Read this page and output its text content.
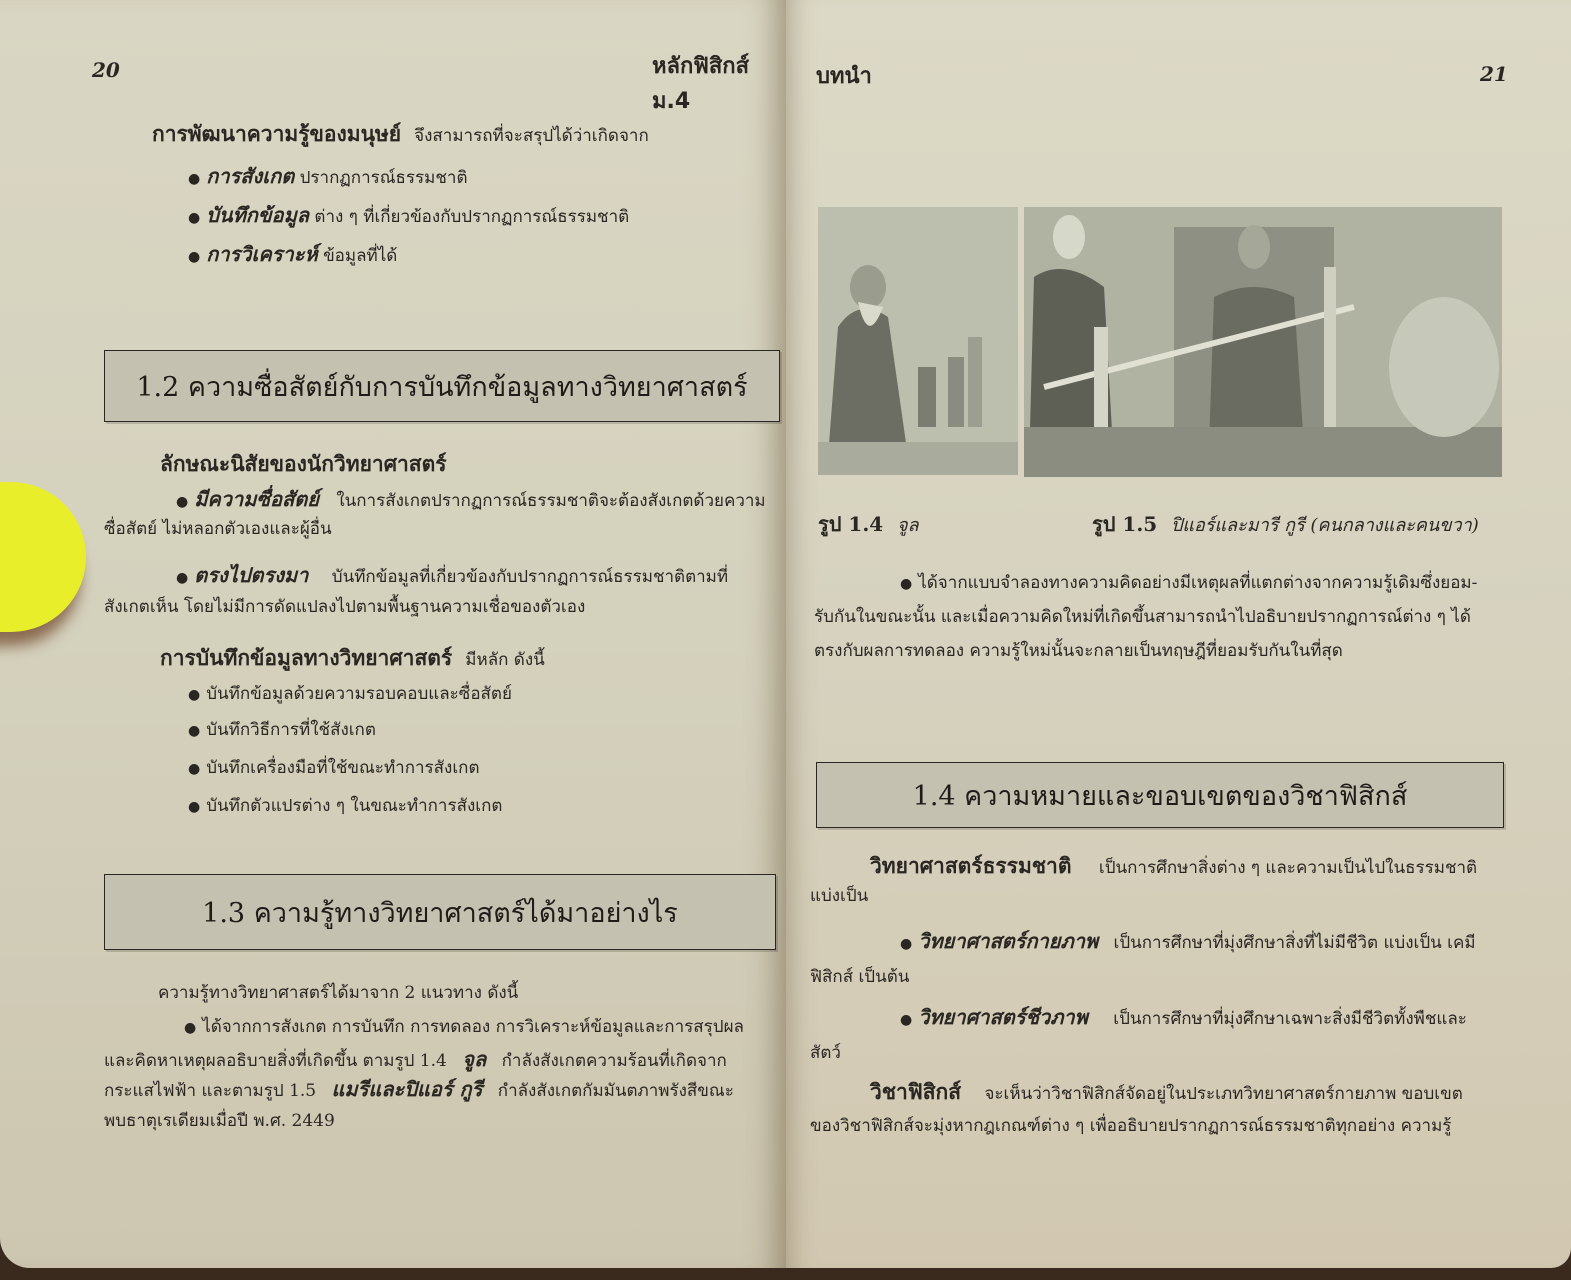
20	หลักฟิสิกส์ ม.4
การพัฒนาความรู้ของมนุษย์ จึงสามารถที่จะสรุปได้ว่าเกิดจาก
● การสังเกต ปรากฏการณ์ธรรมชาติ
● บันทึกข้อมูล ต่าง ๆ ที่เกี่ยวข้องกับปรากฏการณ์ธรรมชาติ
● การวิเคราะห์ ข้อมูลที่ได้
1.2 ความซื่อสัตย์กับการบันทึกข้อมูลทางวิทยาศาสตร์
ลักษณะนิสัยของนักวิทยาศาสตร์
● มีความซื่อสัตย์ ในการสังเกตปรากฏการณ์ธรรมชาติจะต้องสังเกตด้วยความ
ซื่อสัตย์ ไม่หลอกตัวเองและผู้อื่น
● ตรงไปตรงมา บันทึกข้อมูลที่เกี่ยวข้องกับปรากฏการณ์ธรรมชาติตามที่
สังเกตเห็น โดยไม่มีการดัดแปลงไปตามพื้นฐานความเชื่อของตัวเอง
การบันทึกข้อมูลทางวิทยาศาสตร์ มีหลัก ดังนี้
● บันทึกข้อมูลด้วยความรอบคอบและซื่อสัตย์
● บันทึกวิธีการที่ใช้สังเกต
● บันทึกเครื่องมือที่ใช้ขณะทำการสังเกต
● บันทึกตัวแปรต่าง ๆ ในขณะทำการสังเกต
1.3 ความรู้ทางวิทยาศาสตร์ได้มาอย่างไร
ความรู้ทางวิทยาศาสตร์ได้มาจาก 2 แนวทาง ดังนี้
● ได้จากการสังเกต การบันทึก การทดลอง การวิเคราะห์ข้อมูลและการสรุปผล
และคิดหาเหตุผลอธิบายสิ่งที่เกิดขึ้น ตามรูป 1.4 จูล กำลังสังเกตความร้อนที่เกิดจาก
กระแสไฟฟ้า และตามรูป 1.5 แมรีและปิแอร์ กูรี กำลังสังเกตกัมมันตภาพรังสีขณะ
พบธาตุเรเดียมเมื่อปี พ.ศ. 2449
บทนำ	21
รูป 1.4 จูล	รูป 1.5 ปิแอร์และมารี กูรี (คนกลางและคนขวา)
● ได้จากแบบจำลองทางความคิดอย่างมีเหตุผลที่แตกต่างจากความรู้เดิมซึ่งยอม-
รับกันในขณะนั้น และเมื่อความคิดใหม่ที่เกิดขึ้นสามารถนำไปอธิบายปรากฏการณ์ต่าง ๆ ได้
ตรงกับผลการทดลอง ความรู้ใหม่นั้นจะกลายเป็นทฤษฎีที่ยอมรับกันในที่สุด
1.4 ความหมายและขอบเขตของวิชาฟิสิกส์
วิทยาศาสตร์ธรรมชาติ เป็นการศึกษาสิ่งต่าง ๆ และความเป็นไปในธรรมชาติ
แบ่งเป็น
● วิทยาศาสตร์กายภาพ เป็นการศึกษาที่มุ่งศึกษาสิ่งที่ไม่มีชีวิต แบ่งเป็น เคมี
ฟิสิกส์ เป็นต้น
● วิทยาศาสตร์ชีวภาพ เป็นการศึกษาที่มุ่งศึกษาเฉพาะสิ่งมีชีวิตทั้งพืชและ
สัตว์
วิชาฟิสิกส์ จะเห็นว่าวิชาฟิสิกส์จัดอยู่ในประเภทวิทยาศาสตร์กายภาพ ขอบเขต
ของวิชาฟิสิกส์จะมุ่งหากฎเกณฑ์ต่าง ๆ เพื่ออธิบายปรากฏการณ์ธรรมชาติทุกอย่าง ความรู้
